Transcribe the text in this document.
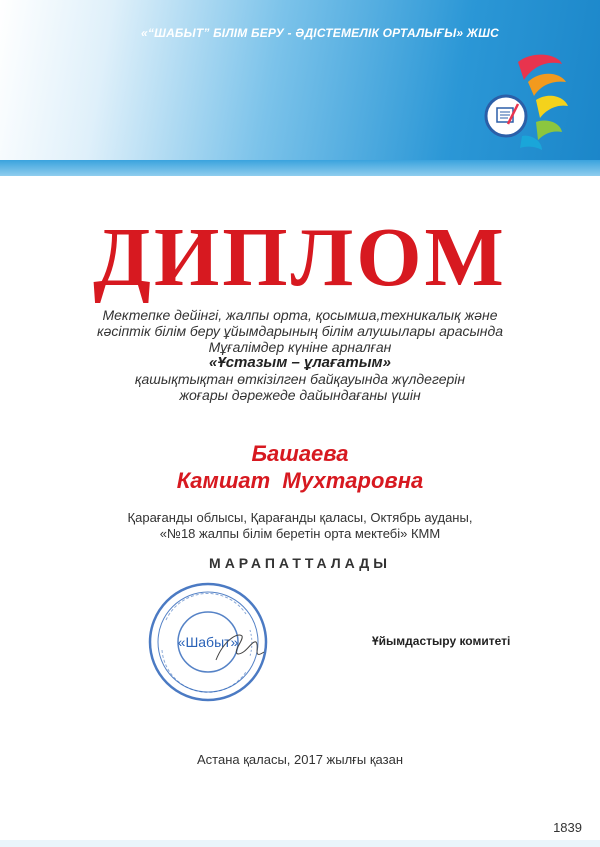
«“ШАБЫТ” БІЛІМ БЕРУ - ӘДІСТЕМЕЛІК ОРТАЛЫҒЫ» ЖШС
ДИПЛОМ
Мектепке дейінгі, жалпы орта, қосымша,техникалық және
кәсіптік білім беру ұйымдарының білім алушылары арасында
Мұғалімдер күніне арналған
«Ұстазым – ұлағатым»
қашықтықтан өткізілген байқауында жүлдегерін
жоғары дәрежеде дайындағаны үшін
Башаева
Камшат  Мухтаровна
Қарағанды облысы, Қарағанды қаласы, Октябрь ауданы,
«№18 жалпы білім беретін орта мектебі» КММ
МАРАПАТТАЛАДЫ
«Шабыт»	Ұйымдастыру комитеті
Астана қаласы, 2017 жылғы қазан
1839
